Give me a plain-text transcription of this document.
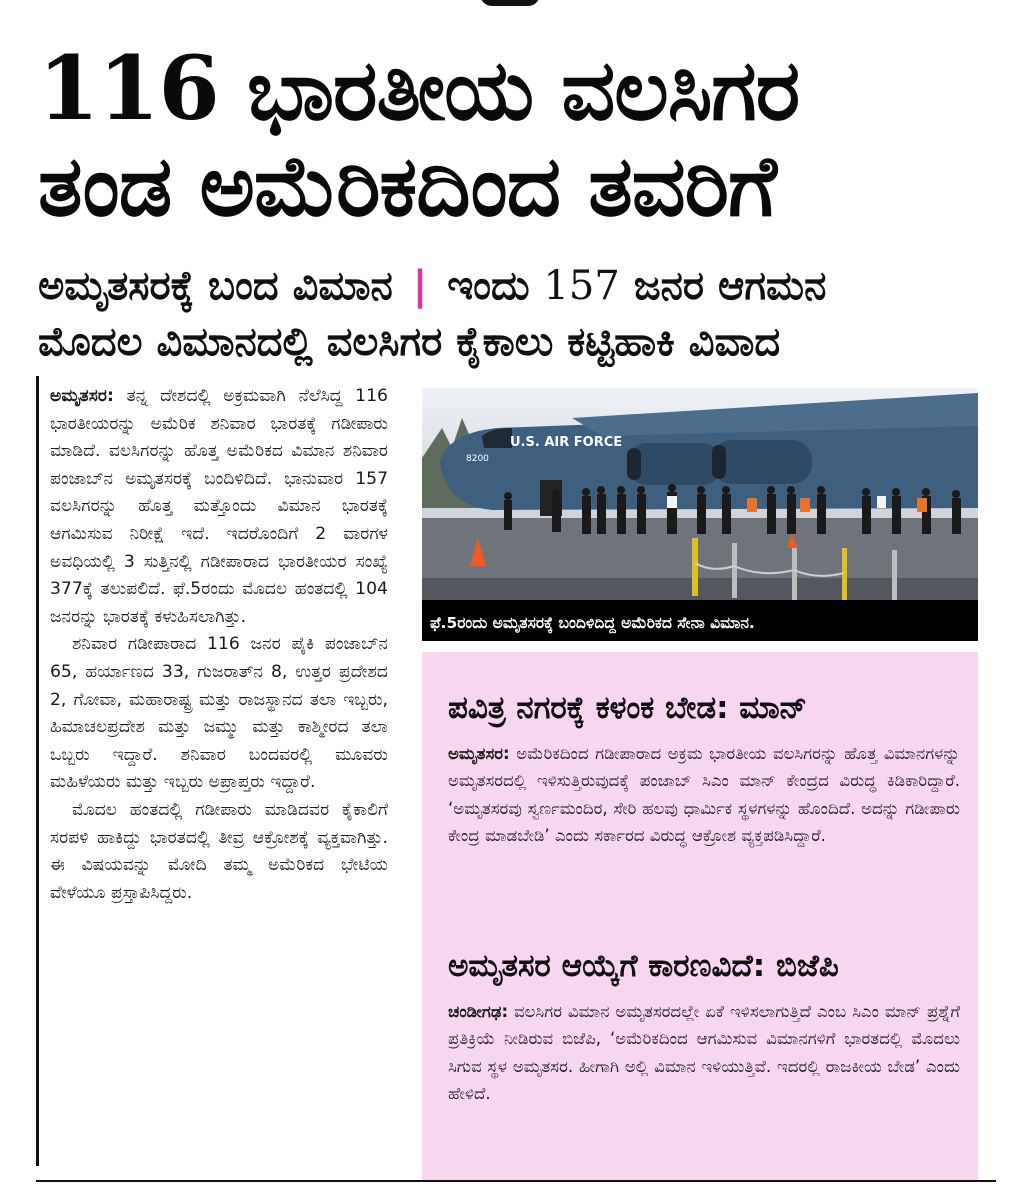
116 ಭಾರತೀಯ ವಲಸಿಗರ
ತಂಡ ಅಮೆರಿಕದಿಂದ ತವರಿಗೆ
ಅಮೃತಸರಕ್ಕೆ ಬಂದ ವಿಮಾನ | ಇಂದು 157 ಜನರ ಆಗಮನ
ಮೊದಲ ವಿಮಾನದಲ್ಲಿ ವಲಸಿಗರ ಕೈಕಾಲು ಕಟ್ಟಿಹಾಕಿ ವಿವಾದ

ಅಮೃತಸರ: ತನ್ನ ದೇಶದಲ್ಲಿ ಅಕ್ರಮವಾಗಿ ನೆಲೆಸಿದ್ದ 116 ಭಾರತೀಯರನ್ನು ಅಮೆರಿಕ ಶನಿವಾರ ಭಾರತಕ್ಕೆ ಗಡೀಪಾರು ಮಾಡಿದೆ. ವಲಸಿಗರನ್ನು ಹೊತ್ತ ಅಮೆರಿಕದ ವಿಮಾನ ಶನಿವಾರ ಪಂಜಾಬ್‌ನ ಅಮೃತಸರಕ್ಕೆ ಬಂದಿಳಿದಿದೆ. ಭಾನುವಾರ 157 ವಲಸಿಗರನ್ನು ಹೊತ್ತ ಮತ್ತೊಂದು ವಿಮಾನ ಭಾರತಕ್ಕೆ ಆಗಮಿಸುವ ನಿರೀಕ್ಷೆ ಇದೆ. ಇದರೊಂದಿಗೆ 2 ವಾರಗಳ ಅವಧಿಯಲ್ಲಿ 3 ಸುತ್ತಿನಲ್ಲಿ ಗಡೀಪಾರಾದ ಭಾರತೀಯರ ಸಂಖ್ಯೆ 377ಕ್ಕೆ ತಲುಪಲಿದೆ. ಫೆ.5ರಂದು ಮೊದಲ ಹಂತದಲ್ಲಿ 104 ಜನರನ್ನು ಭಾರತಕ್ಕೆ ಕಳುಹಿಸಲಾಗಿತ್ತು.

ಶನಿವಾರ ಗಡೀಪಾರಾದ 116 ಜನರ ಪೈಕಿ ಪಂಜಾಬ್‌ನ 65, ಹರ್ಯಾಣದ 33, ಗುಜರಾತ್‌ನ 8, ಉತ್ತರ ಪ್ರದೇಶದ 2, ಗೋವಾ, ಮಹಾರಾಷ್ಟ್ರ ಮತ್ತು ರಾಜಸ್ಥಾನದ ತಲಾ ಇಬ್ಬರು, ಹಿಮಾಚಲಪ್ರದೇಶ ಮತ್ತು ಜಮ್ಮು ಮತ್ತು ಕಾಶ್ಮೀರದ ತಲಾ ಒಬ್ಬರು ಇದ್ದಾರೆ. ಶನಿವಾರ ಬಂದವರಲ್ಲಿ ಮೂವರು ಮಹಿಳೆಯರು ಮತ್ತು ಇಬ್ಬರು ಅಪ್ರಾಪ್ತರು ಇದ್ದಾರೆ.

ಮೊದಲ ಹಂತದಲ್ಲಿ ಗಡೀಪಾರು ಮಾಡಿದವರ ಕೈಕಾಲಿಗೆ ಸರಪಳಿ ಹಾಕಿದ್ದು ಭಾರತದಲ್ಲಿ ತೀವ್ರ ಆಕ್ರೋಶಕ್ಕೆ ವ್ಯಕ್ತವಾಗಿತ್ತು. ಈ ವಿಷಯವನ್ನು ಮೋದಿ ತಮ್ಮ ಅಮೆರಿಕದ ಭೇಟಿಯ ವೇಳೆಯೂ ಪ್ರಸ್ತಾಪಿಸಿದ್ದರು.

U.S. AIR FORCE
8200
ಫೆ.5ರಂದು ಅಮೃತಸರಕ್ಕೆ ಬಂದಿಳಿದಿದ್ದ ಅಮೆರಿಕದ ಸೇನಾ ವಿಮಾನ.
ಪವಿತ್ರ ನಗರಕ್ಕೆ ಕಳಂಕ ಬೇಡ: ಮಾನ್
ಅಮೃತಸರ: ಅಮೆರಿಕದಿಂದ ಗಡೀಪಾರಾದ ಅಕ್ರಮ ಭಾರತೀಯ ವಲಸಿಗರನ್ನು ಹೊತ್ತ ವಿಮಾನಗಳನ್ನು ಅಮೃತಸರದಲ್ಲಿ ಇಳಿಸುತ್ತಿರುವುದಕ್ಕೆ ಪಂಜಾಬ್ ಸಿಎಂ ಮಾನ್ ಕೇಂದ್ರದ ವಿರುದ್ಧ ಕಿಡಿಕಾರಿದ್ದಾರೆ. ‘ಅಮೃತಸರವು ಸ್ವರ್ಣಮಂದಿರ, ಸೇರಿ ಹಲವು ಧಾರ್ಮಿಕ ಸ್ಥಳಗಳನ್ನು ಹೊಂದಿದೆ. ಅದನ್ನು ಗಡೀಪಾರು ಕೇಂದ್ರ ಮಾಡಬೇಡಿ’ ಎಂದು ಸರ್ಕಾರದ ವಿರುದ್ಧ ಆಕ್ರೋಶ ವ್ಯಕ್ತಪಡಿಸಿದ್ದಾರೆ.
ಅಮೃತಸರ ಆಯ್ಕೆಗೆ ಕಾರಣವಿದೆ: ಬಿಜೆಪಿ
ಚಂಡೀಗಢ: ವಲಸಿಗರ ವಿಮಾನ ಅಮೃತಸರದಲ್ಲೇ ಏಕೆ ಇಳಿಸಲಾಗುತ್ತಿದೆ ಎಂಬ ಸಿಎಂ ಮಾನ್ ಪ್ರಶ್ನೆಗೆ ಪ್ರತಿಕ್ರಿಯೆ ನೀಡಿರುವ ಬಿಜೆಪಿ, ‘ಅಮೆರಿಕದಿಂದ ಆಗಮಿಸುವ ವಿಮಾನಗಳಿಗೆ ಭಾರತದಲ್ಲಿ ಮೊದಲು ಸಿಗುವ ಸ್ಥಳ ಅಮೃತಸರ. ಹೀಗಾಗಿ ಅಲ್ಲಿ ವಿಮಾನ ಇಳಿಯುತ್ತಿವೆ. ಇದರಲ್ಲಿ ರಾಜಕೀಯ ಬೇಡ’ ಎಂದು ಹೇಳಿದೆ.
